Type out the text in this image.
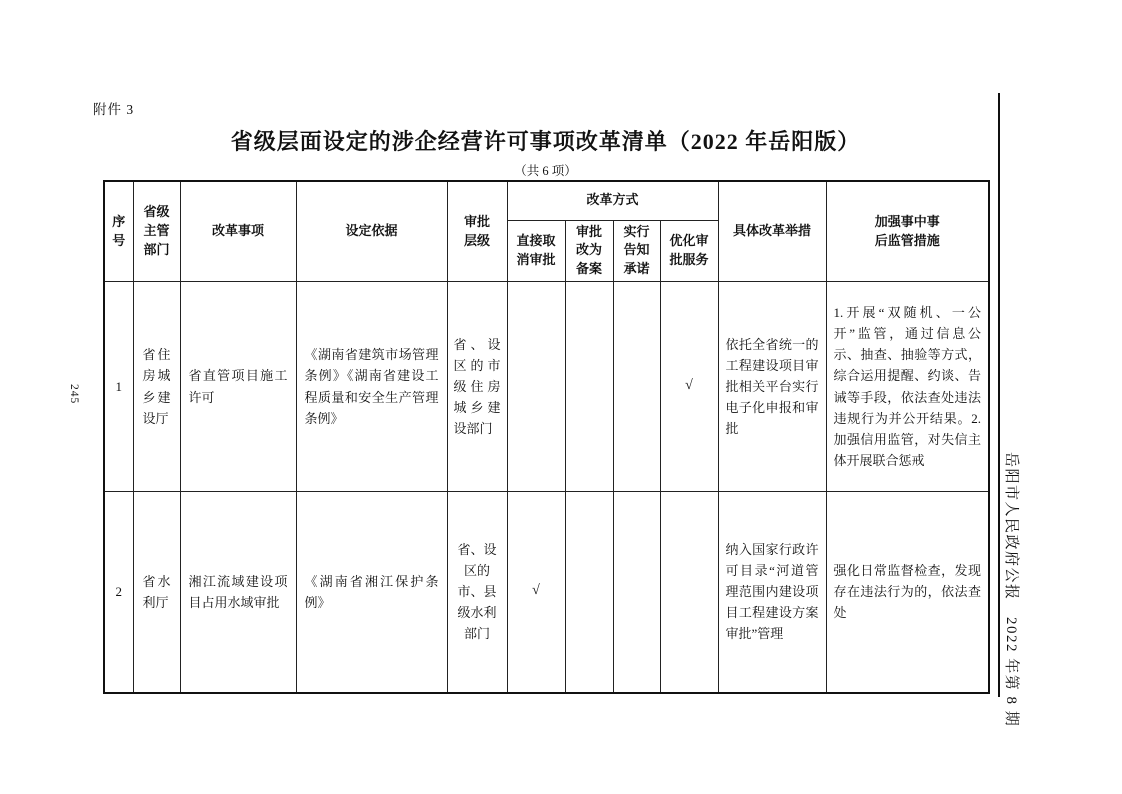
附件 3
省级层面设定的涉企经营许可事项改革清单（2022 年岳阳版）
（共 6 项）
序号	省级主管部门	改革事项	设定依据	审批层级	改革方式				具体改革举措	加强事中事后监管措施
					直接取消审批	审批改为备案	实行告知承诺	优化审批服务		
1	省住房城乡建设厅	省直管项目施工许可	《湖南省建筑市场管理条例》《湖南省建设工程质量和安全生产管理条例》	省、设区的市级住房城乡建设部门				√	依托全省统一的工程建设项目审批相关平台实行电子化申报和审批	1.开展“双随机、一公开”监管，通过信息公示、抽查、抽验等方式，综合运用提醒、约谈、告诫等手段，依法查处违法违规行为并公开结果。2.加强信用监管，对失信主体开展联合惩戒
2	省水利厅	湘江流域建设项目占用水域审批	《湖南省湘江保护条例》	省、设区的市、县级水利部门	√				纳入国家行政许可目录“河道管理范围内建设项目工程建设方案审批”管理	强化日常监督检查，发现存在违法行为的，依法查处
245
岳阳市人民政府公报　2022 年第 8 期
